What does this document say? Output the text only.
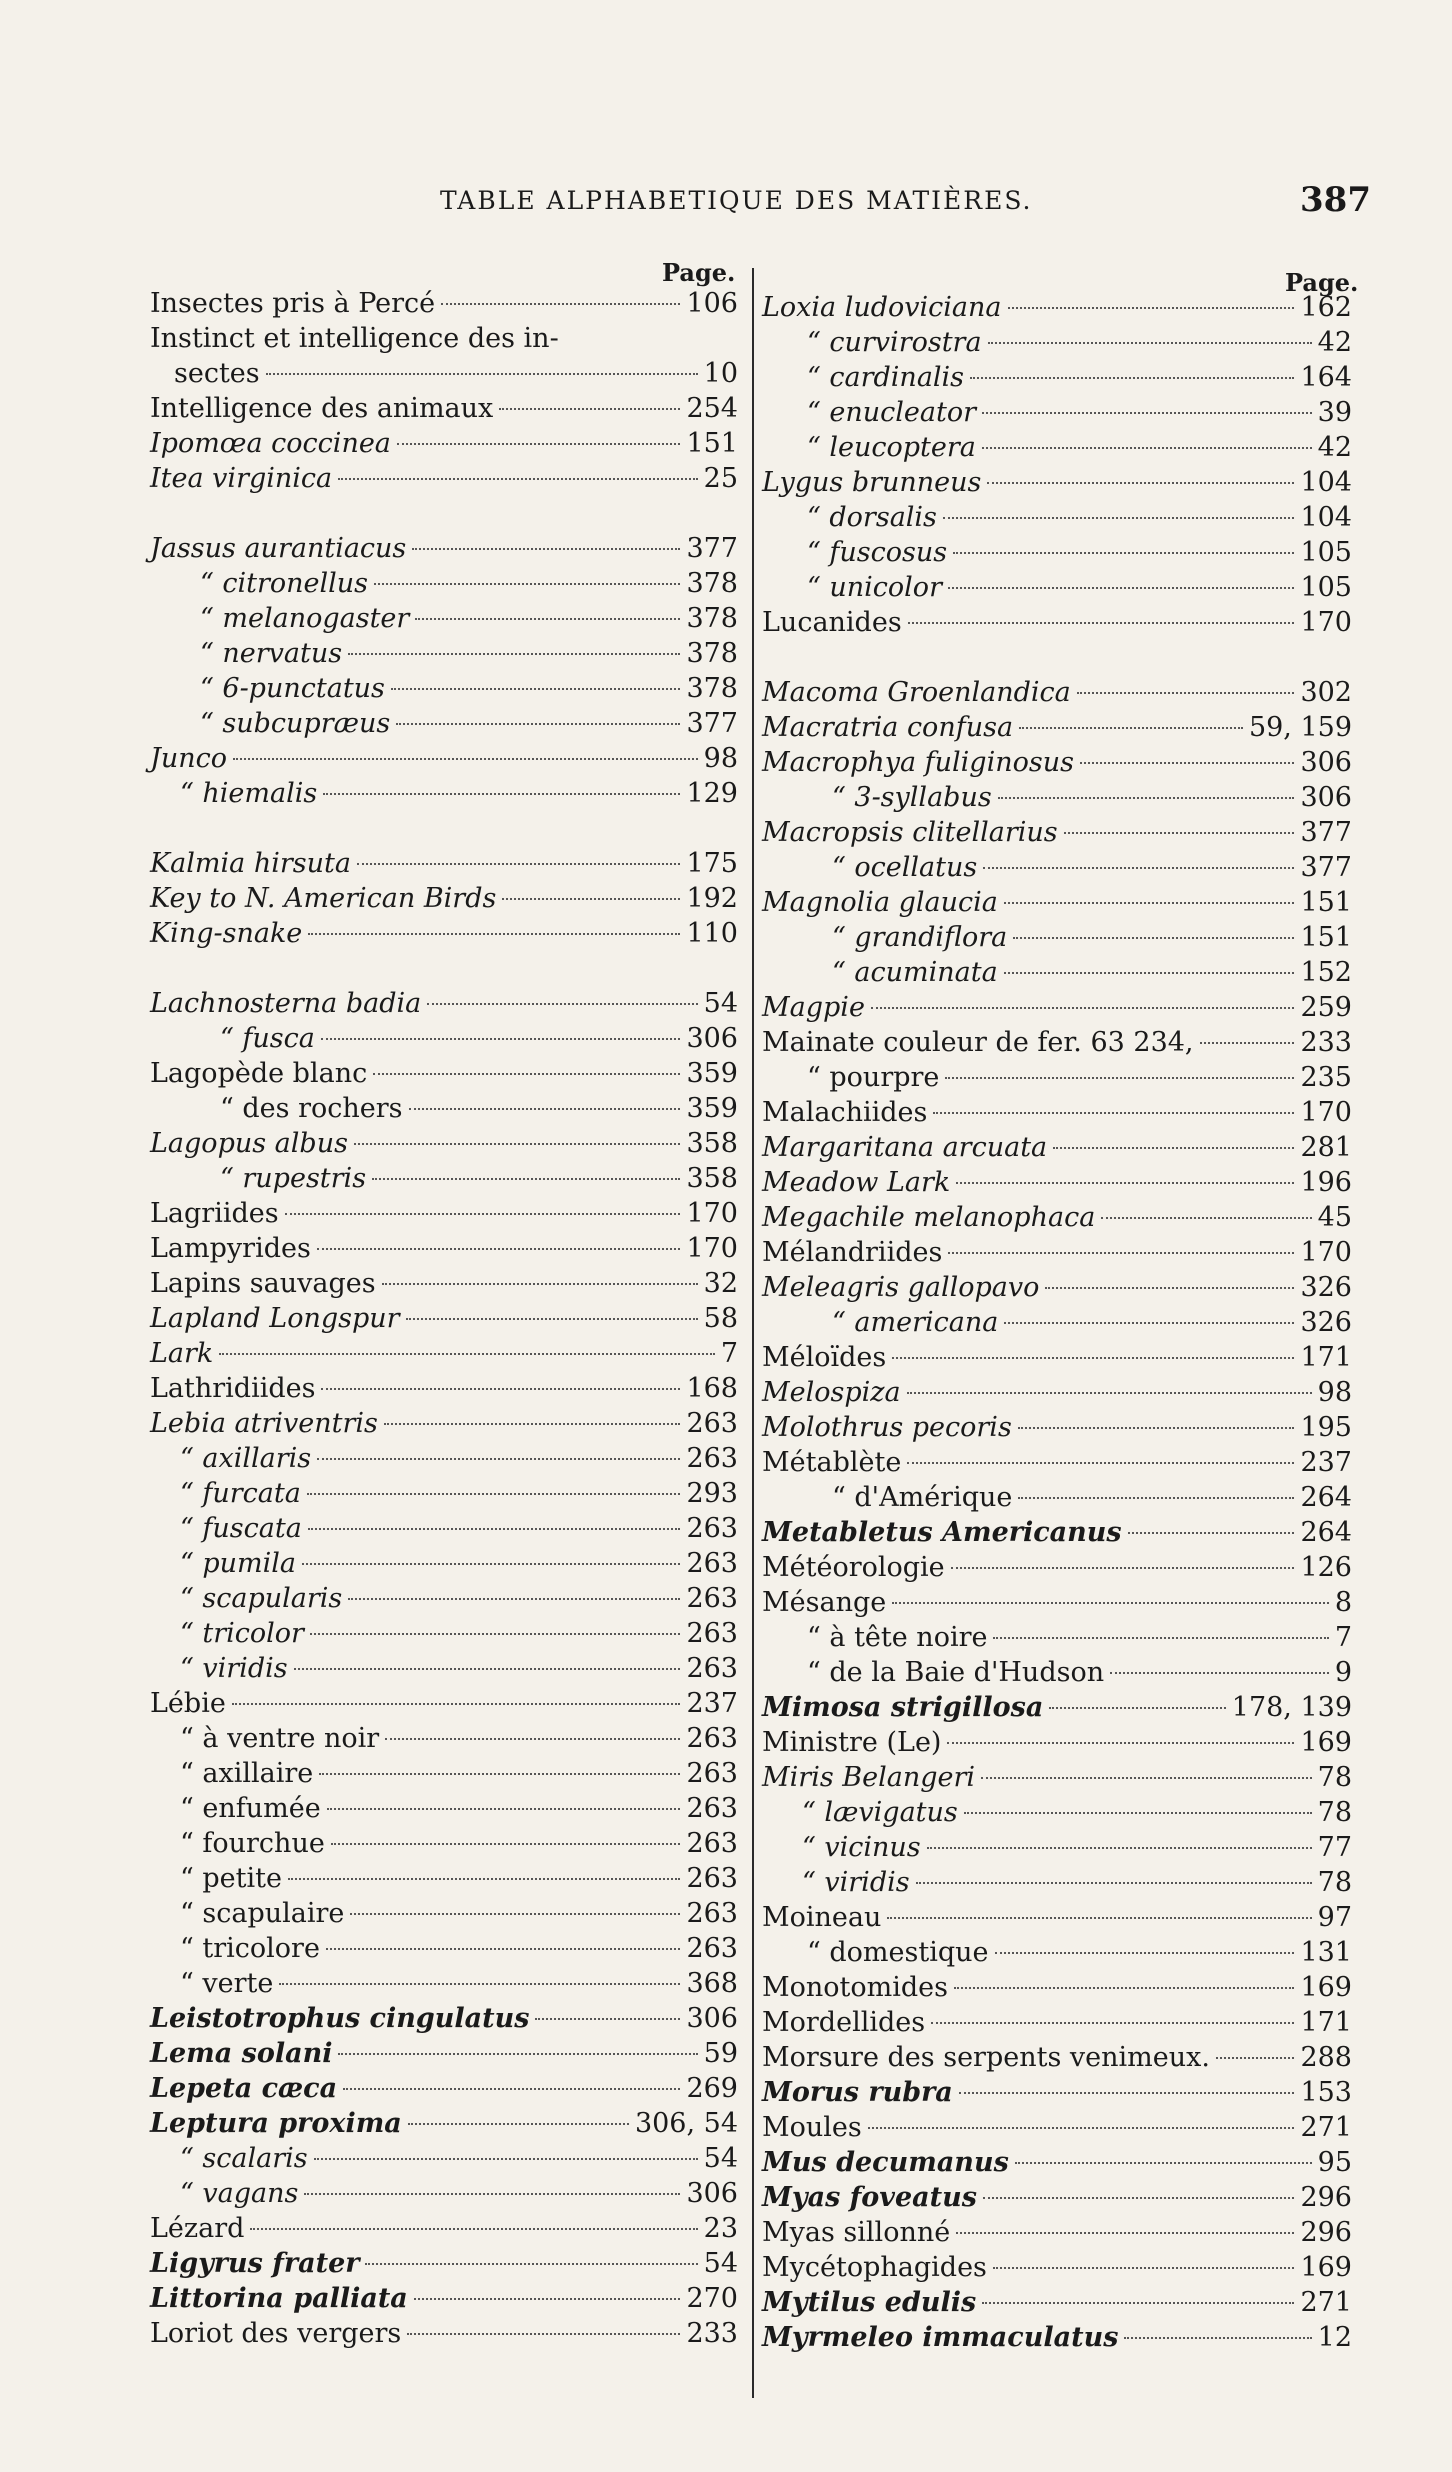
TABLE ALPHABETIQUE DES MATIÈRES.	387
Page.	Page.
Insectes pris à Percé	106
Instinct et intelligence des in-
sectes	10
Intelligence des animaux	254
Ipomœa coccinea	151
Itea virginica	25
Jassus aurantiacus	377
“ citronellus	378
“ melanogaster	378
“ nervatus	378
“ 6-punctatus	378
“ subcupræus	377
Junco	98
“ hiemalis	129
Kalmia hirsuta	175
Key to N. American Birds	192
King-snake	110
Lachnosterna badia	54
“ fusca	306
Lagopède blanc	359
“ des rochers	359
Lagopus albus	358
“ rupestris	358
Lagriides	170
Lampyrides	170
Lapins sauvages	32
Lapland Longspur	58
Lark	7
Lathridiides	168
Lebia atriventris	263
“ axillaris	263
“ furcata	293
“ fuscata	263
“ pumila	263
“ scapularis	263
“ tricolor	263
“ viridis	263
Lébie	237
“ à ventre noir	263
“ axillaire	263
“ enfumée	263
“ fourchue	263
“ petite	263
“ scapulaire	263
“ tricolore	263
“ verte	368
Leistotrophus cingulatus	306
Lema solani	59
Lepeta cæca	269
Leptura proxima	306, 54
“ scalaris	54
“ vagans	306
Lézard	23
Ligyrus frater	54
Littorina palliata	270
Loriot des vergers	233
Loxia ludoviciana	162
“ curvirostra	42
“ cardinalis	164
“ enucleator	39
“ leucoptera	42
Lygus brunneus	104
“ dorsalis	104
“ fuscosus	105
“ unicolor	105
Lucanides	170
Macoma Groenlandica	302
Macratria confusa	59, 159
Macrophya fuliginosus	306
“ 3-syllabus	306
Macropsis clitellarius	377
“ ocellatus	377
Magnolia glaucia	151
“ grandiflora	151
“ acuminata	152
Magpie	259
Mainate couleur de fer. 63 234,	233
“ pourpre	235
Malachiides	170
Margaritana arcuata	281
Meadow Lark	196
Megachile melanophaca	45
Mélandriides	170
Meleagris gallopavo	326
“ americana	326
Méloïdes	171
Melospiza	98
Molothrus pecoris	195
Métablète	237
“ d'Amérique	264
Metabletus Americanus	264
Météorologie	126
Mésange	8
“ à tête noire	7
“ de la Baie d'Hudson	9
Mimosa strigillosa	178, 139
Ministre (Le)	169
Miris Belangeri	78
“ lævigatus	78
“ vicinus	77
“ viridis	78
Moineau	97
“ domestique	131
Monotomides	169
Mordellides	171
Morsure des serpents venimeux.	288
Morus rubra	153
Moules	271
Mus decumanus	95
Myas foveatus	296
Myas sillonné	296
Mycétophagides	169
Mytilus edulis	271
Myrmeleo immaculatus	12
